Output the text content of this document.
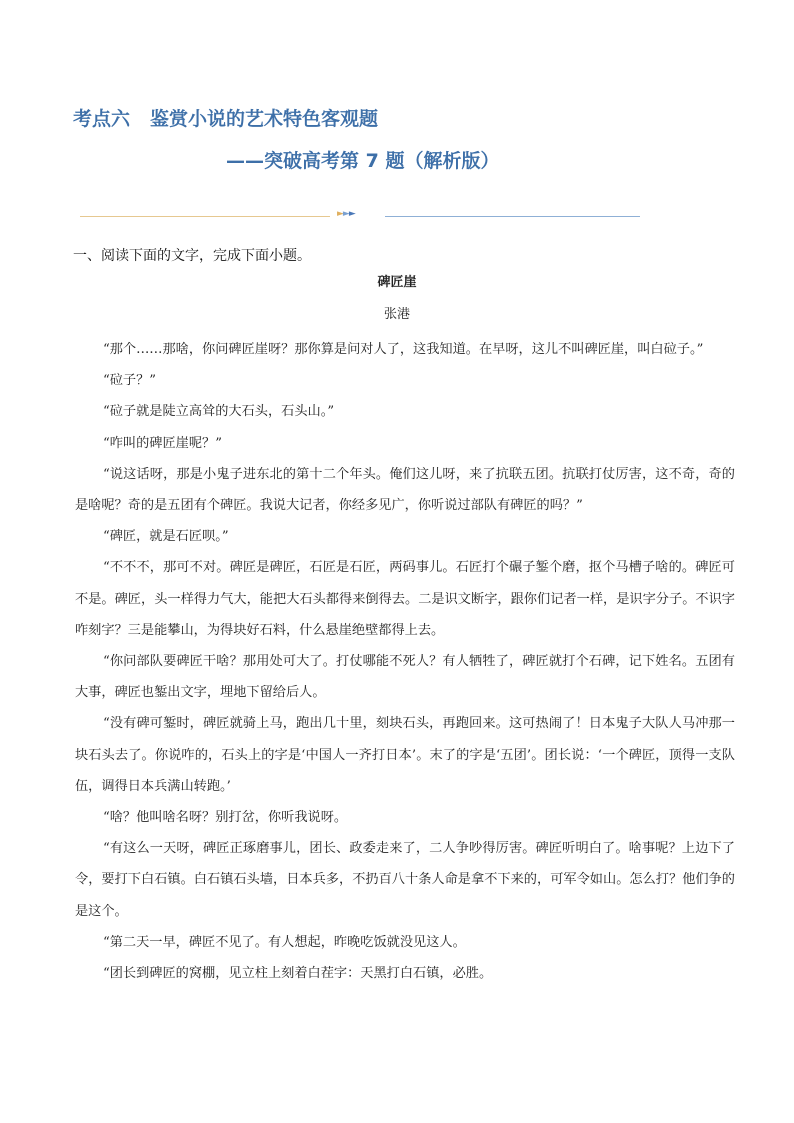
考点六 鉴赏小说的艺术特色客观题
——突破高考第 7 题（解析版）
►►►
一、阅读下面的文字，完成下面小题。
碑匠崖
张港

“那个……那啥，你问碑匠崖呀？那你算是问对人了，这我知道。在早呀，这儿不叫碑匠崖，叫白砬子。”

“砬子？”

“砬子就是陡立高耸的大石头，石头山。”

“咋叫的碑匠崖呢？”

“说这话呀，那是小鬼子进东北的第十二个年头。俺们这儿呀，来了抗联五团。抗联打仗厉害，这不奇，奇的是啥呢？奇的是五团有个碑匠。我说大记者，你经多见广，你听说过部队有碑匠的吗？”

“碑匠，就是石匠呗。”

“不不不，那可不对。碑匠是碑匠，石匠是石匠，两码事儿。石匠打个碾子錾个磨，抠个马槽子啥的。碑匠可不是。碑匠，头一样得力气大，能把大石头都得来倒得去。二是识文断字，跟你们记者一样，是识字分子。不识字咋刻字？三是能攀山，为得块好石料，什么悬崖绝壁都得上去。

“你问部队要碑匠干啥？那用处可大了。打仗哪能不死人？有人牺牲了，碑匠就打个石碑，记下姓名。五团有大事，碑匠也錾出文字，埋地下留给后人。

“没有碑可錾时，碑匠就骑上马，跑出几十里，刻块石头，再跑回来。这可热闹了！日本鬼子大队人马冲那一块石头去了。你说咋的，石头上的字是‘中国人一齐打日本’。末了的字是‘五团’。团长说：‘一个碑匠，顶得一支队伍，调得日本兵满山转跑。’

“啥？他叫啥名呀？别打岔，你听我说呀。

“有这么一天呀，碑匠正琢磨事儿，团长、政委走来了，二人争吵得厉害。碑匠听明白了。啥事呢？上边下了令，要打下白石镇。白石镇石头墙，日本兵多，不扔百八十条人命是拿不下来的，可军令如山。怎么打？他们争的是这个。

“第二天一早，碑匠不见了。有人想起，昨晚吃饭就没见这人。

“团长到碑匠的窝棚，见立柱上刻着白茬字：天黑打白石镇，必胜。
